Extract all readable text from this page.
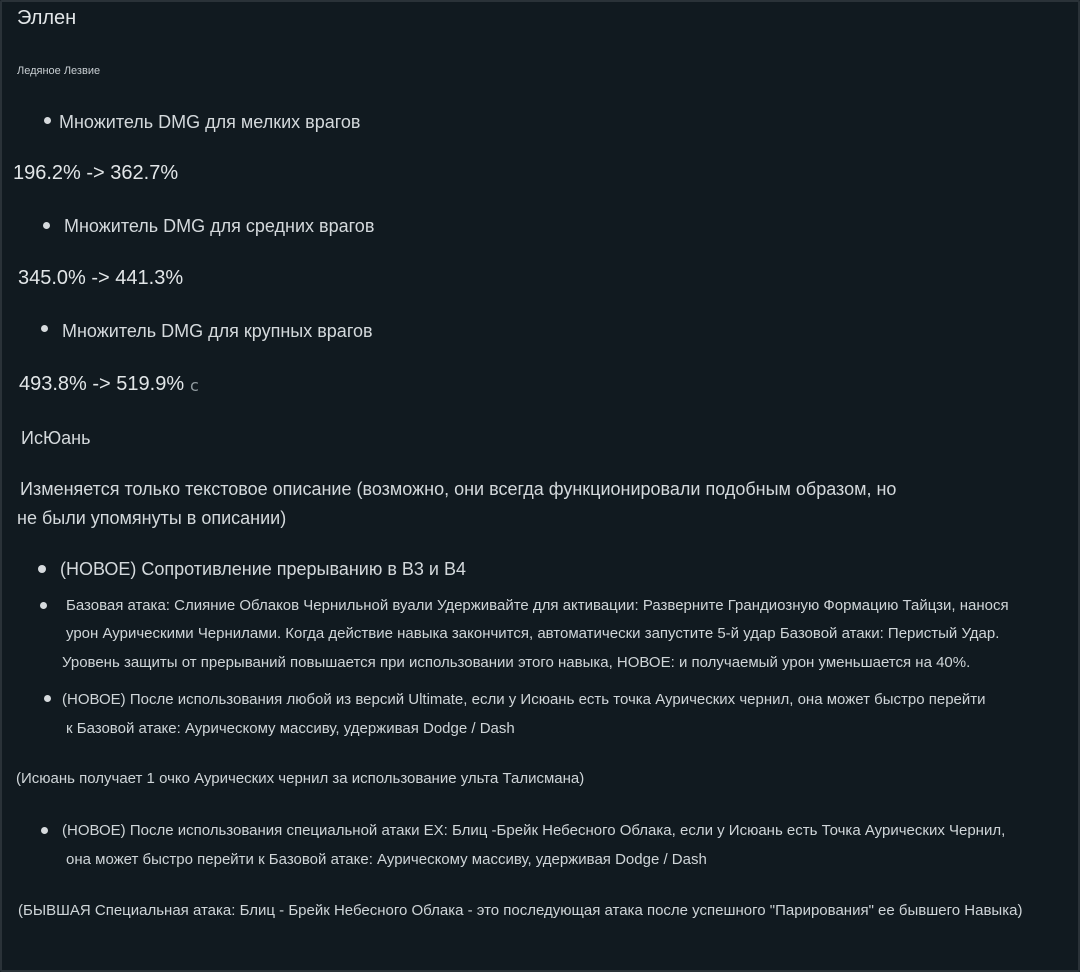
Эллен
Ледяное Лезвие
Множитель DMG для мелких врагов
196.2% -> 362.7%
Множитель DMG для средних врагов
345.0% -> 441.3%
Множитель DMG для крупных врагов
493.8% -> 519.9% ⅽ
ИсЮань
Изменяется только текстовое описание (возможно, они всегда функционировали подобным образом, но
не были упомянуты в описании)
(НОВОЕ) Сопротивление прерыванию в B3 и B4
Базовая атака: Слияние Облаков Чернильной вуали Удерживайте для активации: Разверните Грандиозную Формацию Тайцзи, нанося
урон Аурическими Чернилами. Когда действие навыка закончится, автоматически запустите 5-й удар Базовой атаки: Перистый Удар.
Уровень защиты от прерываний повышается при использовании этого навыка, НОВОЕ: и получаемый урон уменьшается на 40%.
(НОВОЕ) После использования любой из версий Ultimate, если у Исюань есть точка Аурических чернил, она может быстро перейти
к Базовой атаке: Аурическому массиву, удерживая Dodge / Dash
(Исюань получает 1 очко Аурических чернил за использование ульта Талисмана)
(НОВОЕ) После использования специальной атаки EX: Блиц -Брейк Небесного Облака, если у Исюань есть Точка Аурических Чернил,
она может быстро перейти к Базовой атаке: Аурическому массиву, удерживая Dodge / Dash
(БЫВШАЯ Специальная атака: Блиц - Брейк Небесного Облака - это последующая атака после успешного "Парирования" ее бывшего Навыка)
